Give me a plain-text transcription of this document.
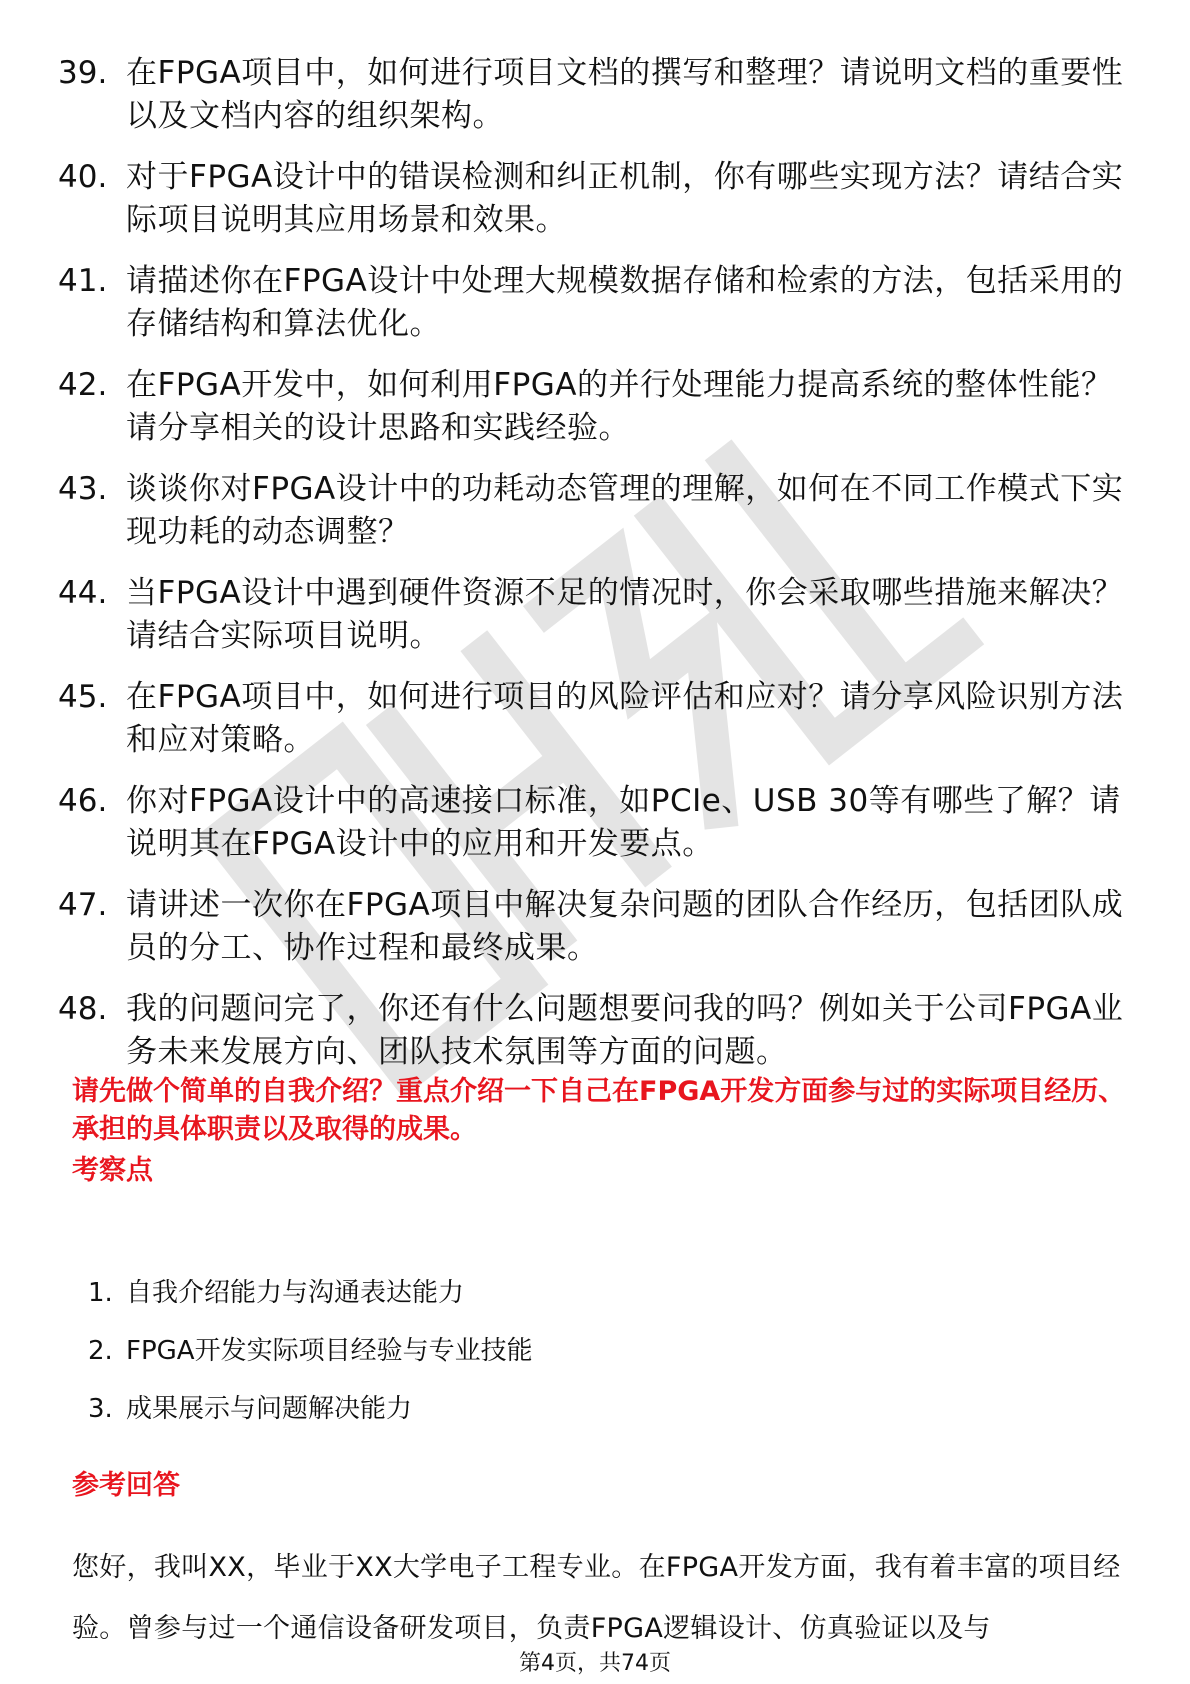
39. 在FPGA项目中，如何进行项目文档的撰写和整理？请说明文档的重要性以及文档内容的组织架构。
40. 对于FPGA设计中的错误检测和纠正机制，你有哪些实现方法？请结合实际项目说明其应用场景和效果。
41. 请描述你在FPGA设计中处理大规模数据存储和检索的方法，包括采用的存储结构和算法优化。
42. 在FPGA开发中，如何利用FPGA的并行处理能力提高系统的整体性能？请分享相关的设计思路和实践经验。
43. 谈谈你对FPGA设计中的功耗动态管理的理解，如何在不同工作模式下实现功耗的动态调整？
44. 当FPGA设计中遇到硬件资源不足的情况时，你会采取哪些措施来解决？请结合实际项目说明。
45. 在FPGA项目中，如何进行项目的风险评估和应对？请分享风险识别方法和应对策略。
46. 你对FPGA设计中的高速接口标准，如PCIe、USB 30等有哪些了解？请说明其在FPGA设计中的应用和开发要点。
47. 请讲述一次你在FPGA项目中解决复杂问题的团队合作经历，包括团队成员的分工、协作过程和最终成果。
48. 我的问题问完了，你还有什么问题想要问我的吗？例如关于公司FPGA业务未来发展方向、团队技术氛围等方面的问题。

请先做个简单的自我介绍？重点介绍一下自己在FPGA开发方面参与过的实际项目经历、承担的具体职责以及取得的成果。

考察点
1. 自我介绍能力与沟通表达能力
2. FPGA开发实际项目经验与专业技能
3. 成果展示与问题解决能力
参考回答

您好，我叫XX，毕业于XX大学电子工程专业。在FPGA开发方面，我有着丰富的项目经验。曾参与过一个通信设备研发项目，负责FPGA逻辑设计、仿真验证以及与

第4页，共74页
